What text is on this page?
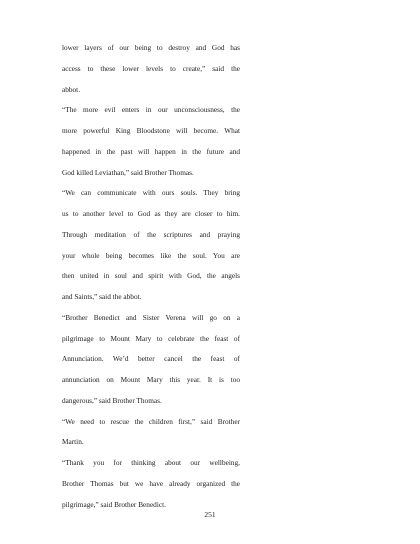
lower layers of our being to destroy and God has
access to these lower levels to create,” said the
abbot.
“The more evil enters in our unconsciousness, the
more powerful King Bloodstone will become. What
happened in the past will happen in the future and
God killed Leviathan,” said Brother Thomas.
“We can communicate with ours souls. They bring
us to another level to God as they are closer to him.
Through meditation of the scriptures and praying
your whole being becomes like the soul. You are
then united in soul and spirit with God, the angels
and Saints,” said the abbot.
“Brother Benedict and Sister Verena will go on a
pilgrimage to Mount Mary to celebrate the feast of
Annunciation. We’d better cancel the feast of
annunciation on Mount Mary this year. It is too
dangerous,” said Brother Thomas.
“We need to rescue the children first,” said Brother
Martin.
“Thank you for thinking about our wellbeing,
Brother Thomas but we have already organized the
pilgrimage,” said Brother Benedict.
251
